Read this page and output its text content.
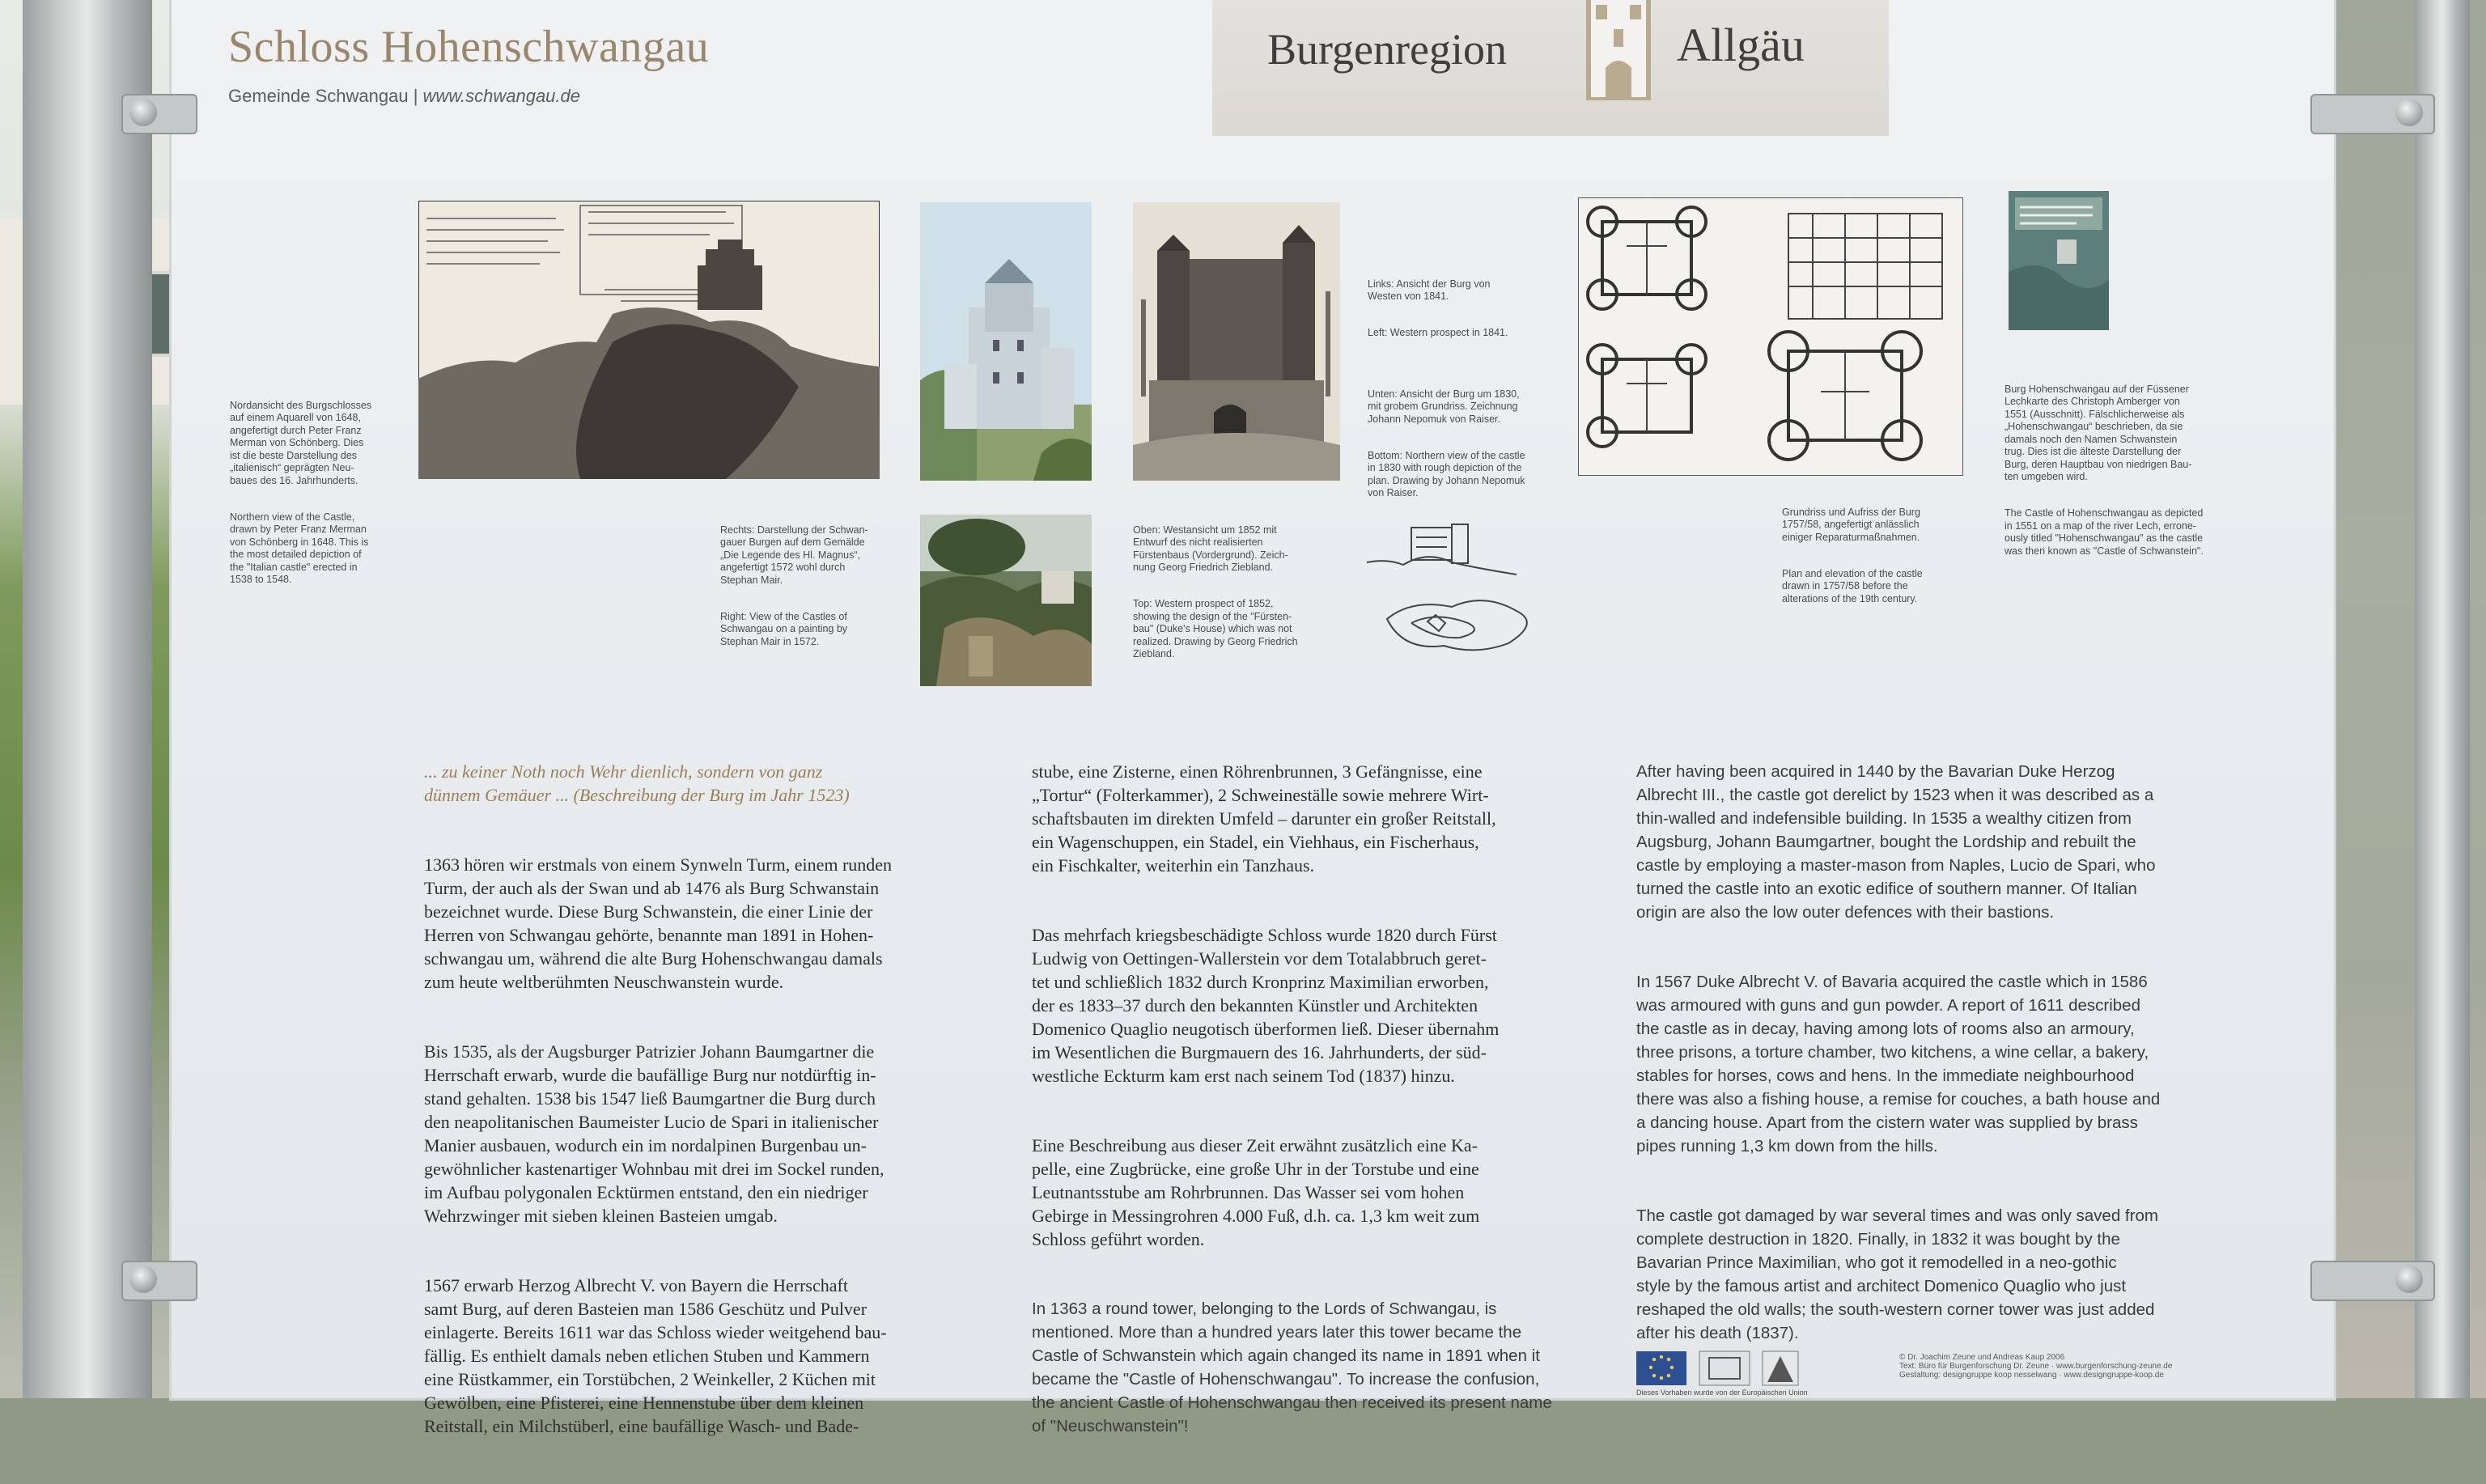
Schloss Hohenschwangau
Gemeinde Schwangau | www.schwangau.de
Burgenregion	Allgäu

Nordansicht des Burgschlosses
auf einem Aquarell von 1648,
angefertigt durch Peter Franz
Merman von Schönberg. Dies
ist die beste Darstellung des
„italienisch“ geprägten Neu-
baues des 16. Jahrhunderts.

Northern view of the Castle,
drawn by Peter Franz Merman
von Schönberg in 1648. This is
the most detailed depiction of
the "Italian castle" erected in
1538 to 1548.

Rechts: Darstellung der Schwan-
gauer Burgen auf dem Gemälde
„Die Legende des Hl. Magnus“,
angefertigt 1572 wohl durch
Stephan Mair.

Right: View of the Castles of
Schwangau on a painting by
Stephan Mair in 1572.

Oben: Westansicht um 1852 mit
Entwurf des nicht realisierten
Fürstenbaus (Vordergrund). Zeich-
nung Georg Friedrich Ziebland.

Top: Western prospect of 1852,
showing the design of the "Fürsten-
bau" (Duke's House) which was not
realized. Drawing by Georg Friedrich
Ziebland.

Links: Ansicht der Burg von
Westen von 1841.

Left: Western prospect in 1841.

Unten: Ansicht der Burg um 1830,
mit grobem Grundriss. Zeichnung
Johann Nepomuk von Raiser.

Bottom: Northern view of the castle
in 1830 with rough depiction of the
plan. Drawing by Johann Nepomuk
von Raiser.

Grundriss und Aufriss der Burg
1757/58, angefertigt anlässlich
einiger Reparaturmaßnahmen.

Plan and elevation of the castle
drawn in 1757/58 before the
alterations of the 19th century.

Burg Hohenschwangau auf der Füssener
Lechkarte des Christoph Amberger von
1551 (Ausschnitt). Fälschlicherweise als
„Hohenschwangau“ beschrieben, da sie
damals noch den Namen Schwanstein
trug. Dies ist die älteste Darstellung der
Burg, deren Hauptbau von niedrigen Bau-
ten umgeben wird.

The Castle of Hohenschwangau as depicted
in 1551 on a map of the river Lech, errone-
ously titled "Hohenschwangau" as the castle
was then known as "Castle of Schwanstein".

... zu keiner Noth noch Wehr dienlich, sondern von ganz
dünnem Gemäuer ... (Beschreibung der Burg im Jahr 1523)

1363 hören wir erstmals von einem Synweln Turm, einem runden
Turm, der auch als der Swan und ab 1476 als Burg Schwanstain
bezeichnet wurde. Diese Burg Schwanstein, die einer Linie der
Herren von Schwangau gehörte, benannte man 1891 in Hohen-
schwangau um, während die alte Burg Hohenschwangau damals
zum heute weltberühmten Neuschwanstein wurde.

Bis 1535, als der Augsburger Patrizier Johann Baumgartner die
Herrschaft erwarb, wurde die baufällige Burg nur notdürftig in-
stand gehalten. 1538 bis 1547 ließ Baumgartner die Burg durch
den neapolitanischen Baumeister Lucio de Spari in italienischer
Manier ausbauen, wodurch ein im nordalpinen Burgenbau un-
gewöhnlicher kastenartiger Wohnbau mit drei im Sockel runden,
im Aufbau polygonalen Ecktürmen entstand, den ein niedriger
Wehrzwinger mit sieben kleinen Basteien umgab.

1567 erwarb Herzog Albrecht V. von Bayern die Herrschaft
samt Burg, auf deren Basteien man 1586 Geschütz und Pulver
einlagerte. Bereits 1611 war das Schloss wieder weitgehend bau-
fällig. Es enthielt damals neben etlichen Stuben und Kammern
eine Rüstkammer, ein Torstübchen, 2 Weinkeller, 2 Küchen mit
Gewölben, eine Pfisterei, eine Hennenstube über dem kleinen
Reitstall, ein Milchstüberl, eine baufällige Wasch- und Bade-

stube, eine Zisterne, einen Röhrenbrunnen, 3 Gefängnisse, eine
„Tortur“ (Folterkammer), 2 Schweineställe sowie mehrere Wirt-
schaftsbauten im direkten Umfeld – darunter ein großer Reitstall,
ein Wagenschuppen, ein Stadel, ein Viehhaus, ein Fischerhaus,
ein Fischkalter, weiterhin ein Tanzhaus.

Das mehrfach kriegsbeschädigte Schloss wurde 1820 durch Fürst
Ludwig von Oettingen-Wallerstein vor dem Totalabbruch geret-
tet und schließlich 1832 durch Kronprinz Maximilian erworben,
der es 1833–37 durch den bekannten Künstler und Architekten
Domenico Quaglio neugotisch überformen ließ. Dieser übernahm
im Wesentlichen die Burgmauern des 16. Jahrhunderts, der süd-
westliche Eckturm kam erst nach seinem Tod (1837) hinzu.

Eine Beschreibung aus dieser Zeit erwähnt zusätzlich eine Ka-
pelle, eine Zugbrücke, eine große Uhr in der Torstube und eine
Leutnantsstube am Rohrbrunnen. Das Wasser sei vom hohen
Gebirge in Messingrohren 4.000 Fuß, d.h. ca. 1,3 km weit zum
Schloss geführt worden.

In 1363 a round tower, belonging to the Lords of Schwangau, is
mentioned. More than a hundred years later this tower became the
Castle of Schwanstein which again changed its name in 1891 when it
became the "Castle of Hohenschwangau". To increase the confusion,
the ancient Castle of Hohenschwangau then received its present name
of "Neuschwanstein"!

After having been acquired in 1440 by the Bavarian Duke Herzog
Albrecht III., the castle got derelict by 1523 when it was described as a
thin-walled and indefensible building. In 1535 a wealthy citizen from
Augsburg, Johann Baumgartner, bought the Lordship and rebuilt the
castle by employing a master-mason from Naples, Lucio de Spari, who
turned the castle into an exotic edifice of southern manner. Of Italian
origin are also the low outer defences with their bastions.

In 1567 Duke Albrecht V. of Bavaria acquired the castle which in 1586
was armoured with guns and gun powder. A report of 1611 described
the castle as in decay, having among lots of rooms also an armoury,
three prisons, a torture chamber, two kitchens, a wine cellar, a bakery,
stables for horses, cows and hens. In the immediate neighbourhood
there was also a fishing house, a remise for couches, a bath house and
a dancing house. Apart from the cistern water was supplied by brass
pipes running 1,3 km down from the hills.

The castle got damaged by war several times and was only saved from
complete destruction in 1820. Finally, in 1832 it was bought by the
Bavarian Prince Maximilian, who got it remodelled in a neo-gothic
style by the famous artist and architect Domenico Quaglio who just
reshaped the old walls; the south-western corner tower was just added
after his death (1837).

Dieses Vorhaben wurde von der Europäischen Union
© Dr. Joachim Zeune und Andreas Kaup 2006
Text: Büro für Burgenforschung Dr. Zeune · www.burgenforschung-zeune.de
Gestaltung: designgruppe koop nesselwang · www.designgruppe-koop.de
